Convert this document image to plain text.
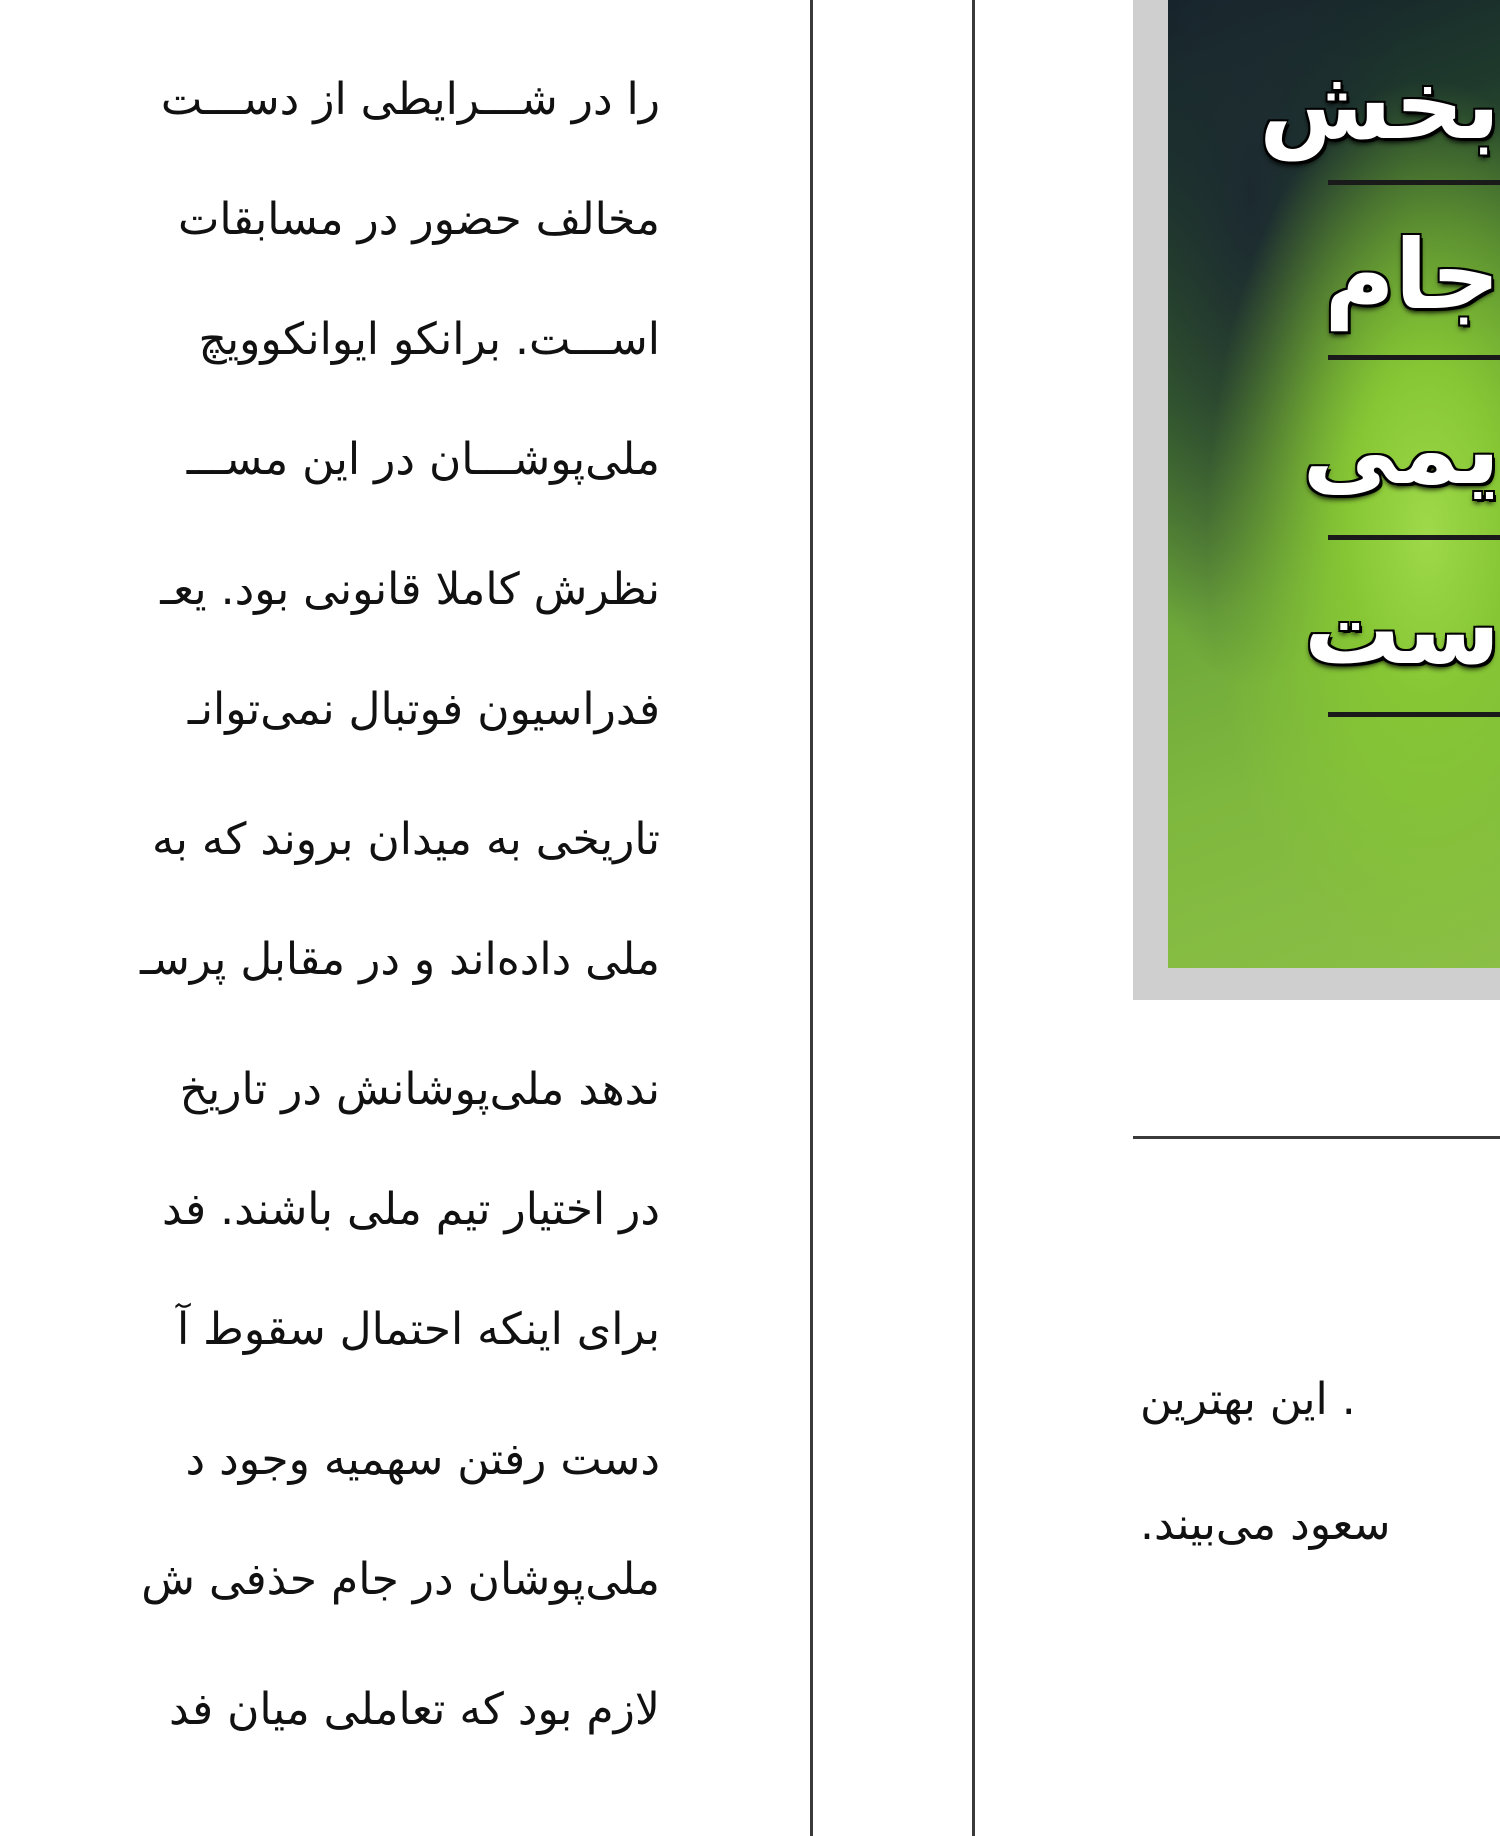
را در شـــرایطی از دســـت
مخالف حضور در مسابقات
اســـت. برانکو ایوانکوویچ
ملی‌پوشـــان در این مســـ
نظرش کاملا قانونی بود. یعـ
فدراسیون فوتبال نمی‌توانـ
تاریخی به میدان بروند که به
ملی داده‌اند و در مقابل پرسـ
ندهد ملی‌پوشانش در تاریخ
در اختیار تیم ملی باشند. فد
برای اینکه احتمال سقوط آ
دست رفتن سهمیه وجود د
ملی‌پوشان در جام حذفی ش
لازم بود که تعاملی میان فد
بخش
جام
یمی
ست
. این بهترین
سعود می‌بیند.
